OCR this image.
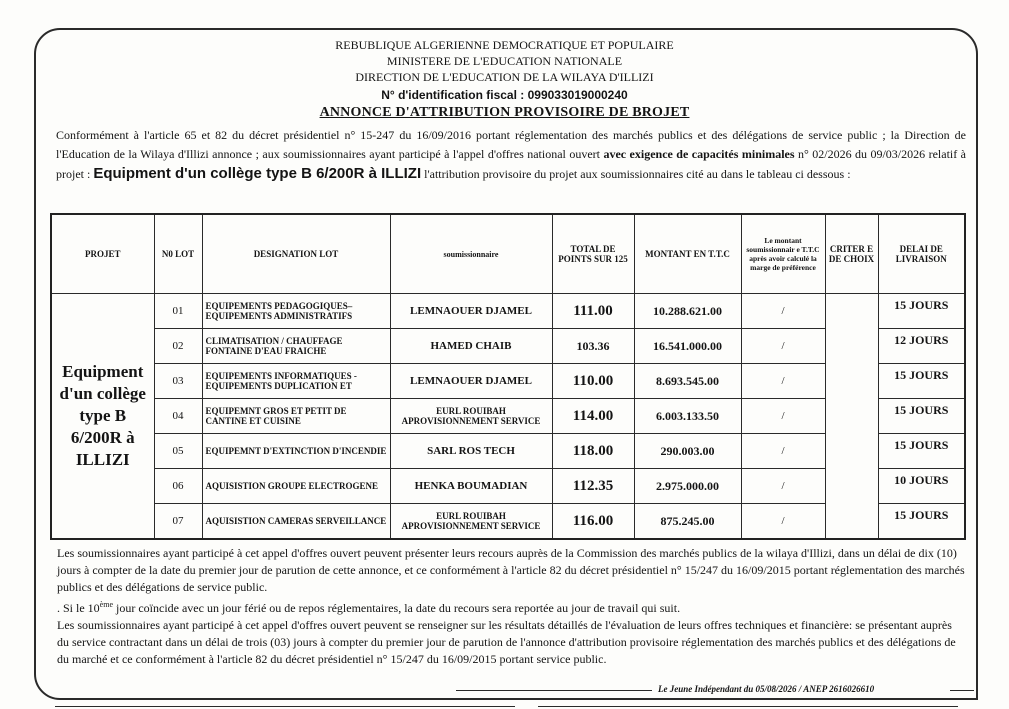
REBUBLIQUE ALGERIENNE DEMOCRATIQUE ET POPULAIRE
MINISTERE DE L'EDUCATION NATIONALE
DIRECTION DE L'EDUCATION DE LA WILAYA D'ILLIZI
N° d'identification fiscal : 099033019000240
ANNONCE D'ATTRIBUTION PROVISOIRE DE BROJET
Conformément à l'article 65 et 82 du décret présidentiel n° 15-247 du 16/09/2016 portant réglementation des marchés publics et des délégations de service public ; la Direction de l'Education de la Wilaya d'Illizi annonce ; aux soumissionnaires ayant participé à l'appel d'offres national ouvert avec exigence de capacités minimales n° 02/2026 du 09/03/2026 relatif à projet : Equipment d'un collège type B 6/200R à ILLIZI l'attribution provisoire du projet aux soumissionnaires cité au dans le tableau ci dessous :
PROJET	N0 LOT	DESIGNATION LOT	soumissionnaire	TOTAL DE POINTS SUR 125	MONTANT EN T.T.C	Le montant soumissionnair e T.T.C après avoir calculé la marge de préférence	CRITER E DE CHOIX	DELAI DE LIVRAISON
Equipment d'un collège type B 6/200R à ILLIZI	01	EQUIPEMENTS PEDAGOGIQUES– EQUIPEMENTS ADMINISTRATIFS	LEMNAOUER DJAMEL	111.00	10.288.621.00	/		15 JOURS
	02	CLIMATISATION / CHAUFFAGE FONTAINE D'EAU FRAICHE	HAMED CHAIB	103.36	16.541.000.00	/		12 JOURS
	03	EQUIPEMENTS INFORMATIQUES - EQUIPEMENTS DUPLICATION ET	LEMNAOUER DJAMEL	110.00	8.693.545.00	/		15 JOURS
	04	EQUIPEMNT GROS ET PETIT DE CANTINE ET CUISINE	EURL ROUIBAH APROVISIONNEMENT SERVICE	114.00	6.003.133.50	/		15 JOURS
	05	EQUIPEMNT D'EXTINCTION D'INCENDIE	SARL ROS TECH	118.00	290.003.00	/		15 JOURS
	06	AQUISISTION GROUPE ELECTROGENE	HENKA BOUMADIAN	112.35	2.975.000.00	/		10 JOURS
	07	AQUISISTION CAMERAS SERVEILLANCE	EURL ROUIBAH APROVISIONNEMENT SERVICE	116.00	875.245.00	/		15 JOURS

Les soumissionnaires ayant participé à cet appel d'offres ouvert peuvent présenter leurs recours auprès de la Commission des marchés publics de la wilaya d'Illizi, dans un délai de dix (10) jours à compter de la date du premier jour de parution de cette annonce, et ce conformément à l'article 82 du décret présidentiel n° 15/247 du 16/09/2015 portant réglementation des marchés publics et des délégations de service public.

. Si le 10ème jour coïncide avec un jour férié ou de repos réglementaires, la date du recours sera reportée au jour de travail qui suit.

Les soumissionnaires ayant participé à cet appel d'offres ouvert peuvent se renseigner sur les résultats détaillés de l'évaluation de leurs offres techniques et financière: se présentant auprès du service contractant dans un délai de trois (03) jours à compter du premier jour de parution de l'annonce d'attribution provisoire réglementation des marchés publics et des délégations de du marché et ce conformément à l'article 82 du décret présidentiel n° 15/247 du 16/09/2015 portant service public.

Le Jeune Indépendant du 05/08/2026 / ANEP 2616026610
